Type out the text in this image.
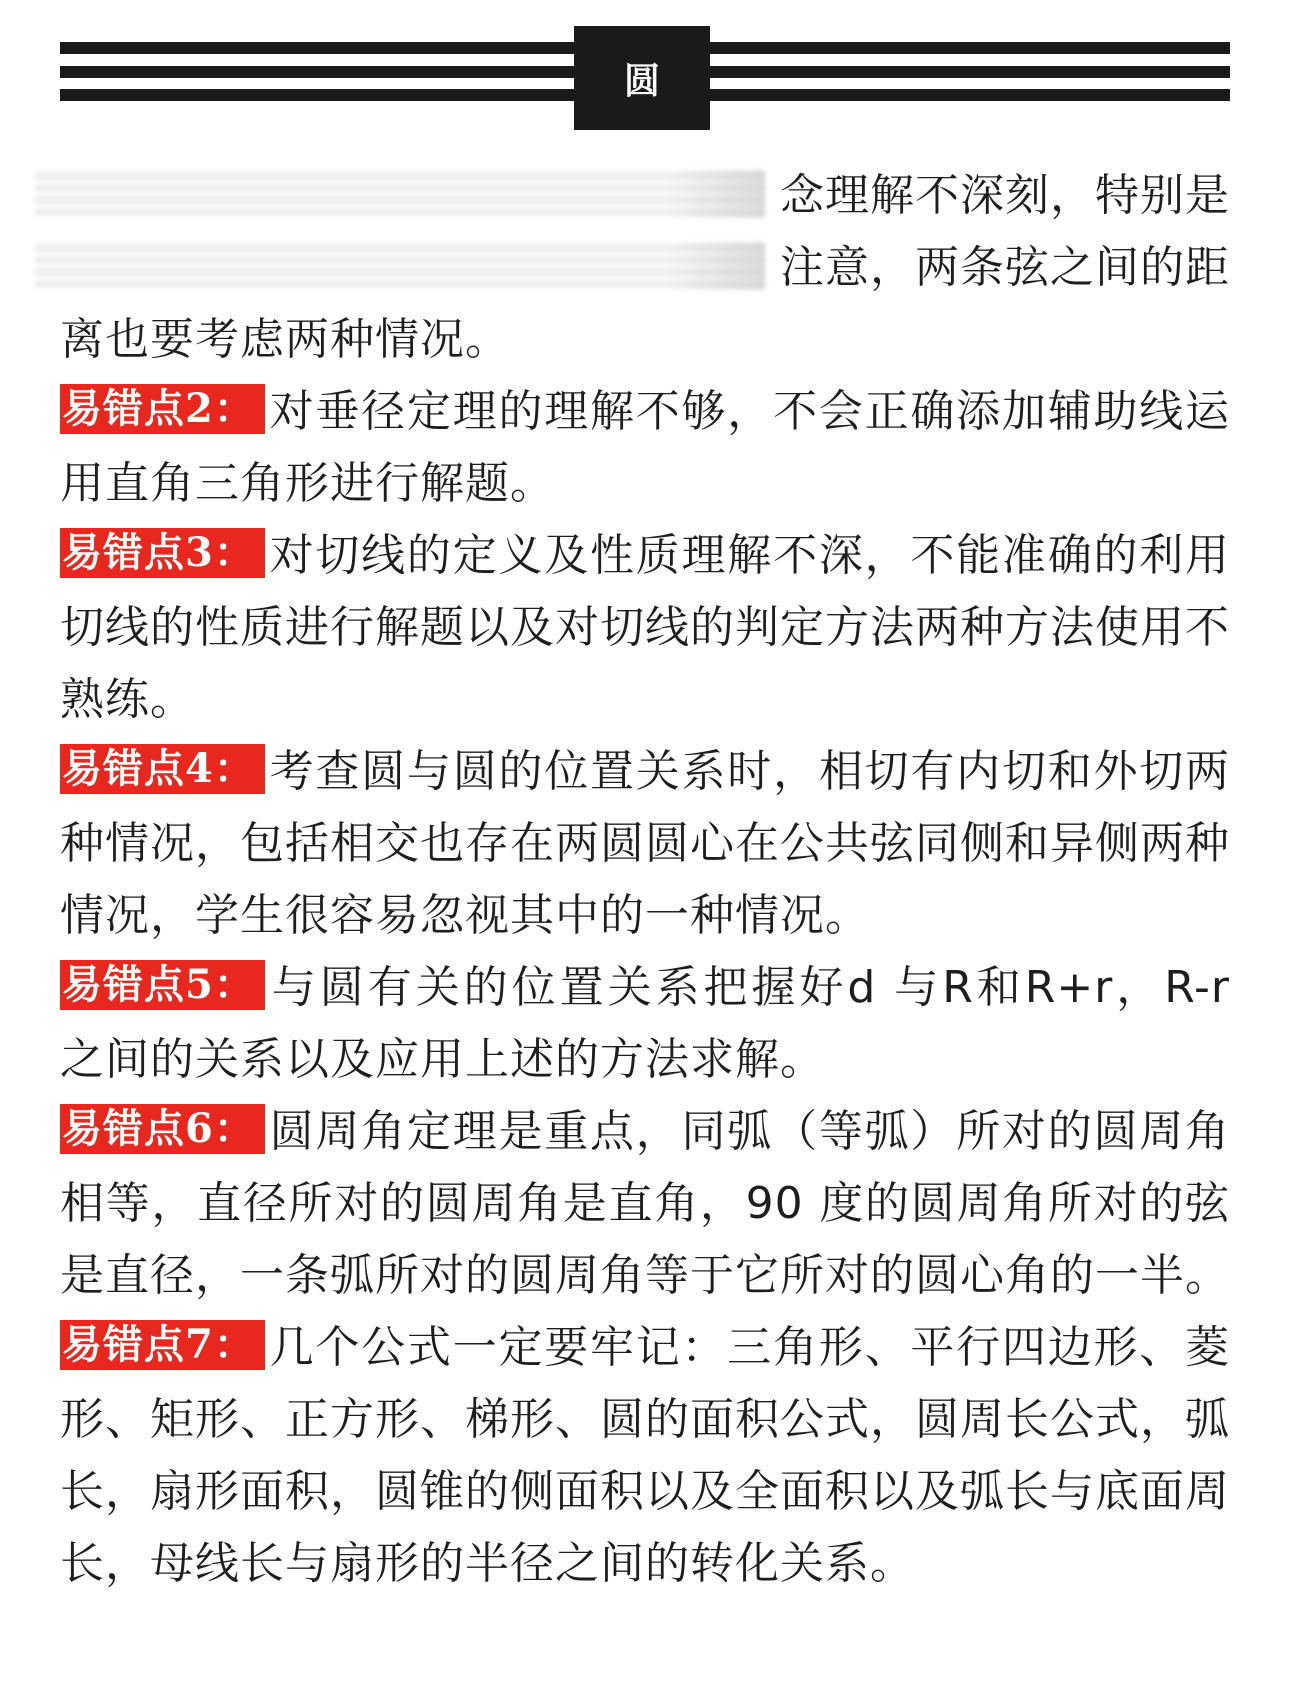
圆

念理解不深刻，特别是
注意，两条弦之间的距
离也要考虑两种情况。

易错点2： 对垂径定理的理解不够，不会正确添加辅助线运用直角三角形进行解题。

易错点3： 对切线的定义及性质理解不深，不能准确的利用切线的性质进行解题以及对切线的判定方法两种方法使用不熟练。

易错点4： 考查圆与圆的位置关系时，相切有内切和外切两种情况，包括相交也存在两圆圆心在公共弦同侧和异侧两种情况，学生很容易忽视其中的一种情况。

易错点5： 与圆有关的位置关系把握好d 与R和R+r，R-r 之间的关系以及应用上述的方法求解。

易错点6： 圆周角定理是重点，同弧（等弧）所对的圆周角相等，直径所对的圆周角是直角，90 度的圆周角所对的弦是直径，一条弧所对的圆周角等于它所对的圆心角的一半。

易错点7： 几个公式一定要牢记：三角形、平行四边形、菱形、矩形、正方形、梯形、圆的面积公式，圆周长公式，弧长，扇形面积，圆锥的侧面积以及全面积以及弧长与底面周长，母线长与扇形的半径之间的转化关系。
